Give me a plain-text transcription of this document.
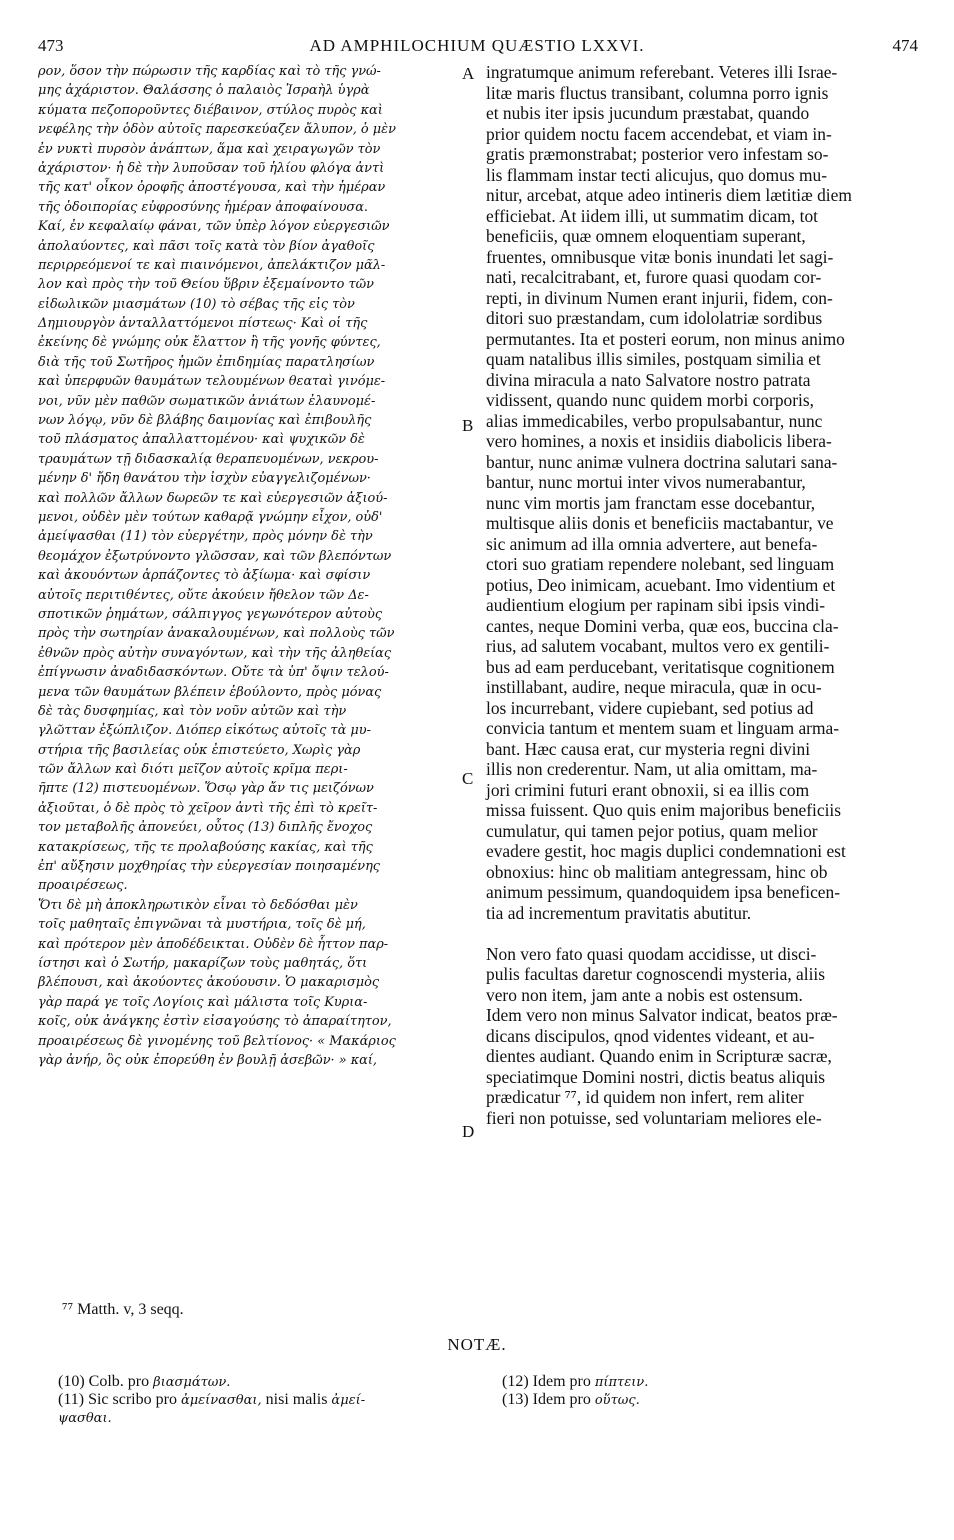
473	AD AMPHILOCHIUM QUÆSTIO LXXVI.	474
ρον, ὅσον τὴν πώρωσιν τῆς καρδίας καὶ τὸ τῆς γνώ-
μης ἀχάριστον. Θαλάσσης ὁ παλαιὸς Ἰσραὴλ ὑγρὰ
κύματα πεζοποροῦντες διέβαινον, στύλος πυρὸς καὶ
νεφέλης τὴν ὁδὸν αὐτοῖς παρεσκεύαζεν ἄλυπον, ὁ μὲν
ἐν νυκτὶ πυρσὸν ἀνάπτων, ἅμα καὶ χειραγωγῶν τὸν
ἀχάριστον· ἡ δὲ τὴν λυποῦσαν τοῦ ἡλίου φλόγα ἀντὶ
τῆς κατ' οἶκον ὀροφῆς ἀποστέγουσα, καὶ τὴν ἡμέραν
τῆς ὁδοιπορίας εὐφροσύνης ἡμέραν ἀποφαίνουσα.
Καί, ἐν κεφαλαίῳ φάναι, τῶν ὑπὲρ λόγον εὐεργεσιῶν
ἀπολαύοντες, καὶ πᾶσι τοῖς κατὰ τὸν βίον ἀγαθοῖς
περιρρεόμενοί τε καὶ πιαινόμενοι, ἀπελάκτιζον μᾶλ-
λον καὶ πρὸς τὴν τοῦ Θείου ὕβριν ἐξεμαίνοντο τῶν
εἰδωλικῶν μιασμάτων (10) τὸ σέβας τῆς εἰς τὸν
Δημιουργὸν ἀνταλλαττόμενοι πίστεως· Καὶ οἱ τῆς
ἐκείνης δὲ γνώμης οὐκ ἔλαττον ἢ τῆς γονῆς φύντες,
διὰ τῆς τοῦ Σωτῆρος ἡμῶν ἐπιδημίας παρατλησίων
καὶ ὑπερφυῶν θαυμάτων τελουμένων θεαταὶ γινόμε-
νοι, νῦν μὲν παθῶν σωματικῶν ἀνιάτων ἐλαυνομέ-
νων λόγῳ, νῦν δὲ βλάβης δαιμονίας καὶ ἐπιβουλῆς
τοῦ πλάσματος ἀπαλλαττομένου· καὶ ψυχικῶν δὲ
τραυμάτων τῇ διδασκαλίᾳ θεραπευομένων, νεκρου-
μένην δ' ἤδη θανάτου τὴν ἰσχὺν εὐαγγελιζομένων·
καὶ πολλῶν ἄλλων δωρεῶν τε καὶ εὐεργεσιῶν ἀξιού-
μενοι, οὐδὲν μὲν τούτων καθαρᾷ γνώμην εἶχον, οὐδ'
ἀμείψασθαι (11) τὸν εὐεργέτην, πρὸς μόνην δὲ τὴν
θεομάχον ἐξωτρύνοντο γλῶσσαν, καὶ τῶν βλεπόντων
καὶ ἀκουόντων ἁρπάζοντες τὸ ἀξίωμα· καὶ σφίσιν
αὐτοῖς περιτιθέντες, οὔτε ἀκούειν ἤθελον τῶν Δε-
σποτικῶν ῥημάτων, σάλπιγγος γεγωνότερον αὐτοὺς
πρὸς τὴν σωτηρίαν ἀνακαλουμένων, καὶ πολλοὺς τῶν
ἐθνῶν πρὸς αὐτὴν συναγόντων, καὶ τὴν τῆς ἀληθείας
ἐπίγνωσιν ἀναδιδασκόντων. Οὔτε τὰ ὑπ' ὄψιν τελού-
μενα τῶν θαυμάτων βλέπειν ἐβούλοντο, πρὸς μόνας
δὲ τὰς δυσφημίας, καὶ τὸν νοῦν αὐτῶν καὶ τὴν
γλῶτταν ἐξώπλιζον. Διόπερ εἰκότως αὐτοῖς τὰ μυ-
στήρια τῆς βασιλείας οὐκ ἐπιστεύετο, Χωρὶς γὰρ
τῶν ἄλλων καὶ διότι μεῖζον αὐτοῖς κρῖμα περι-
ῆπτε (12) πιστευομένων. Ὅσῳ γὰρ ἄν τις μειζόνων
ἀξιοῦται, ὁ δὲ πρὸς τὸ χεῖρον ἀντὶ τῆς ἐπὶ τὸ κρεῖτ-
τον μεταβολῆς ἀπονεύει, οὗτος (13) διπλῆς ἔνοχος
κατακρίσεως, τῆς τε προλαβούσης κακίας, καὶ τῆς
ἐπ' αὔξησιν μοχθηρίας τὴν εὐεργεσίαν ποιησαμένης
προαιρέσεως.
Ὅτι δὲ μὴ ἀποκληρωτικὸν εἶναι τὸ δεδόσθαι μὲν
τοῖς μαθηταῖς ἐπιγνῶναι τὰ μυστήρια, τοῖς δὲ μή,
καὶ πρότερον μὲν ἀποδέδεικται. Οὐδὲν δὲ ἧττον παρ-
ίστησι καὶ ὁ Σωτήρ, μακαρίζων τοὺς μαθητάς, ὅτι
βλέπουσι, καὶ ἀκούοντες ἀκούουσιν. Ὁ μακαρισμὸς
γὰρ παρά γε τοῖς Λογίοις καὶ μάλιστα τοῖς Κυρια-
κοῖς, οὐκ ἀνάγκης ἐστὶν εἰσαγούσης τὸ ἀπαραίτητον,
προαιρέσεως δὲ γινομένης τοῦ βελτίονος· « Μακάριος
γὰρ ἀνήρ, ὃς οὐκ ἐπορεύθη ἐν βουλῇ ἀσεβῶν· » καί,
ingratumque animum referebant. Veteres illi Israe-
litæ maris fluctus transibant, columna porro ignis
et nubis iter ipsis jucundum præstabat, quando
prior quidem noctu facem accendebat, et viam in-
gratis præmonstrabat; posterior vero infestam so-
lis flammam instar tecti alicujus, quo domus mu-
nitur, arcebat, atque adeo intineris diem lætitiæ diem
efficiebat. At iidem illi, ut summatim dicam, tot
beneficiis, quæ omnem eloquentiam superant,
fruentes, omnibusque vitæ bonis inundati let sagi-
nati, recalcitrabant, et, furore quasi quodam cor-
repti, in divinum Numen erant injurii, fidem, con-
ditori suo præstandam, cum idololatriæ sordibus
permutantes. Ita et posteri eorum, non minus animo
quam natalibus illis similes, postquam similia et
divina miracula a nato Salvatore nostro patrata
vidissent, quando nunc quidem morbi corporis,
alias immedicabiles, verbo propulsabantur, nunc
vero homines, a noxis et insidiis diabolicis libera-
bantur, nunc animæ vulnera doctrina salutari sana-
bantur, nunc mortui inter vivos numerabantur,
nunc vim mortis jam franctam esse docebantur,
multisque aliis donis et beneficiis mactabantur, ve
sic animum ad illa omnia advertere, aut benefa-
ctori suo gratiam rependere nolebant, sed linguam
potius, Deo inimicam, acuebant. Imo videntium et
audientium elogium per rapinam sibi ipsis vindi-
cantes, neque Domini verba, quæ eos, buccina cla-
rius, ad salutem vocabant, multos vero ex gentili-
bus ad eam perducebant, veritatisque cognitionem
instillabant, audire, neque miracula, quæ in ocu-
los incurrebant, videre cupiebant, sed potius ad
convicia tantum et mentem suam et linguam arma-
bant. Hæc causa erat, cur mysteria regni divini
illis non crederentur. Nam, ut alia omittam, ma-
jori crimini futuri erant obnoxii, si ea illis com
missa fuissent. Quo quis enim majoribus beneficiis
cumulatur, qui tamen pejor potius, quam melior
evadere gestit, hoc magis duplici condemnationi est
obnoxius: hinc ob malitiam antegressam, hinc ob
animum pessimum, quandoquidem ipsa beneficen-
tia ad incrementum pravitatis abutitur.
Non vero fato quasi quodam accidisse, ut disci-
pulis facultas daretur cognoscendi mysteria, aliis
vero non item, jam ante a nobis est ostensum.
Idem vero non minus Salvator indicat, beatos præ-
dicans discipulos, qnod videntes videant, et au-
dientes audiant. Quando enim in Scripturæ sacræ,
speciatimque Domini nostri, dictis beatus aliquis
prædicatur ⁷⁷, id quidem non infert, rem aliter
fieri non potuisse, sed voluntariam meliores ele-
A
B
C
D
⁷⁷ Matth. v, 3 seqq.
NOTÆ.
(10) Colb. pro βιασμάτων.
(11) Sic scribo pro ἀμείνασθαι, nisi malis ἀμεί-
ψασθαι.
(12) Idem pro πίπτειν.
(13) Idem pro οὕτως.
